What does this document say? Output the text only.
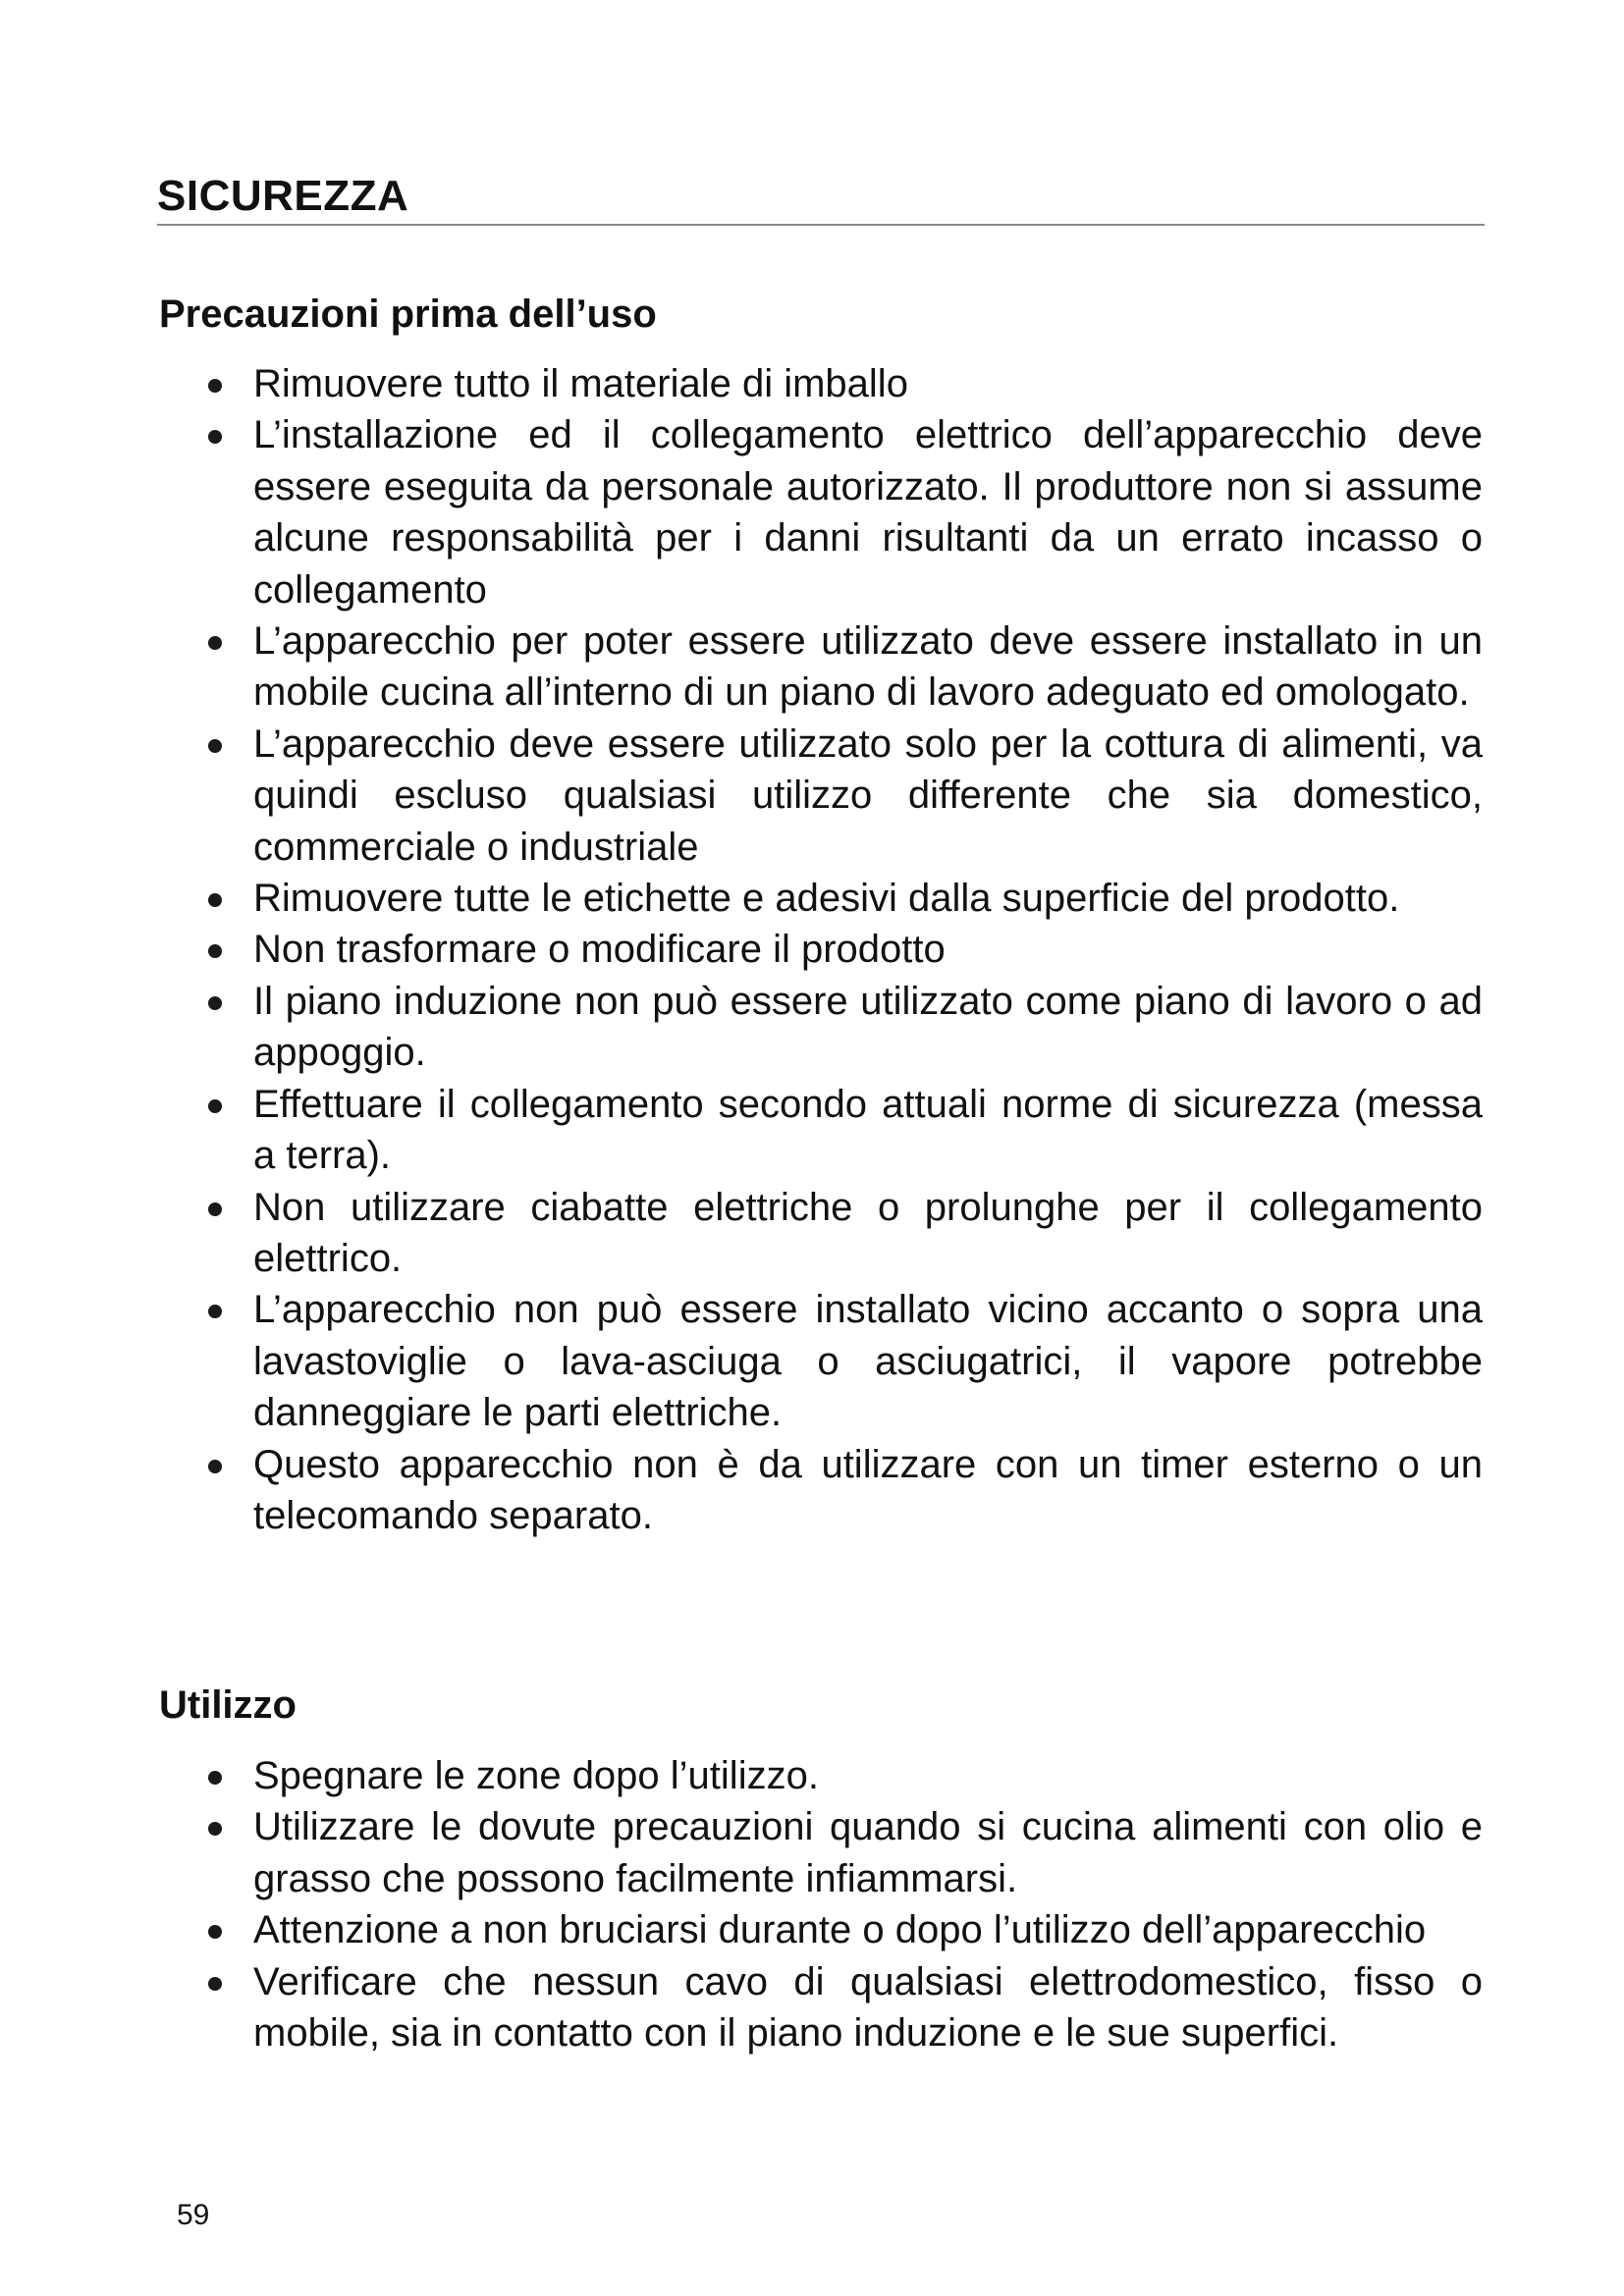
SICUREZZA
Precauzioni prima dell’uso
Rimuovere tutto il materiale di imballo
L’installazione ed il collegamento elettrico dell’apparecchio deve essere eseguita da personale autorizzato. Il produttore non si assume alcune responsabilità per i danni risultanti da un errato incasso o collegamento
L’apparecchio per poter essere utilizzato deve essere installato in un mobile cucina all’interno di un piano di lavoro adeguato ed omologato.
L’apparecchio deve essere utilizzato solo per la cottura di alimenti, va quindi escluso qualsiasi utilizzo differente che sia domestico, commerciale o industriale
Rimuovere tutte le etichette e adesivi dalla superficie del prodotto.
Non trasformare o modificare il prodotto
Il piano induzione non può essere utilizzato come piano di lavoro o ad appoggio.
Effettuare il collegamento secondo attuali norme di sicurezza (messa a terra).
Non utilizzare ciabatte elettriche o prolunghe per il collegamento elettrico.
L’apparecchio non può essere installato vicino accanto o sopra una lavastoviglie o lava-asciuga o asciugatrici, il vapore potrebbe danneggiare le parti elettriche.
Questo apparecchio non è da utilizzare con un timer esterno o un telecomando separato.
Utilizzo
Spegnare le zone dopo l’utilizzo.
Utilizzare le dovute precauzioni quando si cucina alimenti con olio e grasso che possono facilmente infiammarsi.
Attenzione a non bruciarsi durante o dopo l’utilizzo dell’apparecchio
Verificare che nessun cavo di qualsiasi elettrodomestico, fisso o mobile, sia in contatto con il piano induzione e le sue superfici.
59
